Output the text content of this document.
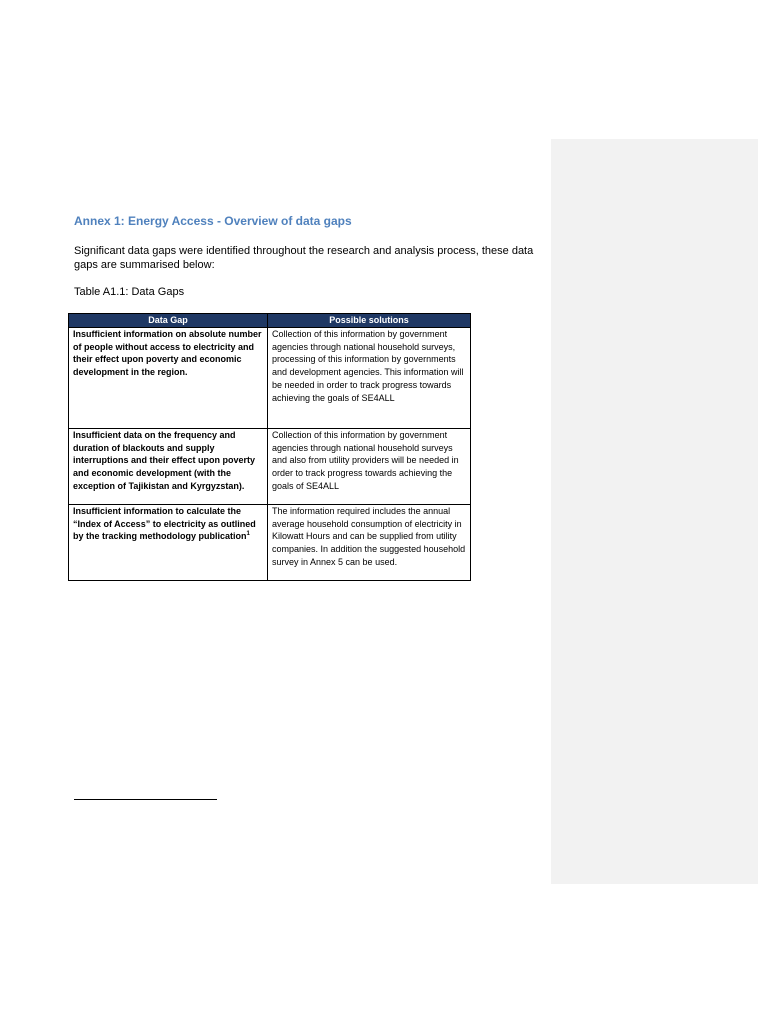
Annex 1: Energy Access - Overview of data gaps

Significant data gaps were identified throughout the research and analysis process, these data gaps are summarised below:

Table A1.1: Data Gaps

Data Gap	Possible solutions
Insufficient information on absolute number of people without access to electricity and their effect upon poverty and economic development in the region.	Collection of this information by government agencies through national household surveys, processing of this information by governments and development agencies. This information will be needed in order to track progress towards achieving the goals of SE4ALL
Insufficient data on the frequency and duration of blackouts and supply interruptions and their effect upon poverty and economic development (with the exception of Tajikistan and Kyrgyzstan).	Collection of this information by government agencies through national household surveys and also from utility providers will be needed in order to track progress towards achieving the goals of SE4ALL
Insufficient information to calculate the “Index of Access” to electricity as outlined by the tracking methodology publication$^1$	The information required includes the annual average household consumption of electricity in Kilowatt Hours and can be supplied from utility companies. In addition the suggested household survey in Annex 5 can be used.
